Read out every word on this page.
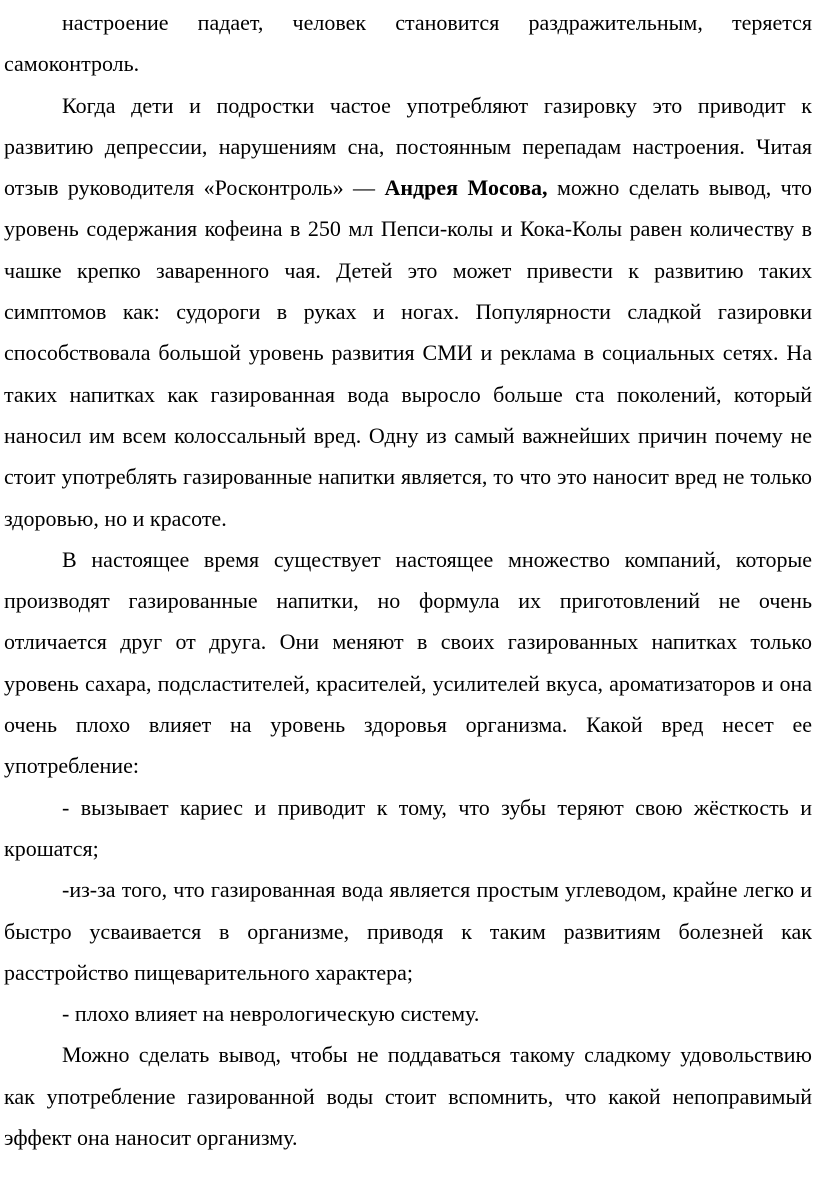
настроение падает, человек становится раздражительным, теряется самоконтроль.

Когда дети и подростки частое употребляют газировку это приводит к развитию депрессии, нарушениям сна, постоянным перепадам настроения. Читая отзыв руководителя «Росконтроль» — Андрея Мосова, можно сделать вывод, что уровень содержания кофеина в 250 мл Пепси-колы и Кока-Колы равен количеству в чашке крепко заваренного чая. Детей это может привести к развитию таких симптомов как: судороги в руках и ногах. Популярности сладкой газировки способствовала большой уровень развития СМИ и реклама в социальных сетях. На таких напитках как газированная вода выросло больше ста поколений, который наносил им всем колоссальный вред. Одну из самый важнейших причин почему не стоит употреблять газированные напитки является, то что это наносит вред не только здоровью, но и красоте.

В настоящее время существует настоящее множество компаний, которые производят газированные напитки, но формула их приготовлений не очень отличается друг от друга. Они меняют в своих газированных напитках только уровень сахара, подсластителей, красителей, усилителей вкуса, ароматизаторов и она очень плохо влияет на уровень здоровья организма. Какой вред несет ее употребление:

- вызывает кариес и приводит к тому, что зубы теряют свою жёсткость и крошатся;

-из-за того, что газированная вода является простым углеводом, крайне легко и быстро усваивается в организме, приводя к таким развитиям болезней как расстройство пищеварительного характера;

- плохо влияет на неврологическую систему.

Можно сделать вывод, чтобы не поддаваться такому сладкому удовольствию как употребление газированной воды стоит вспомнить, что какой непоправимый эффект она наносит организму.
